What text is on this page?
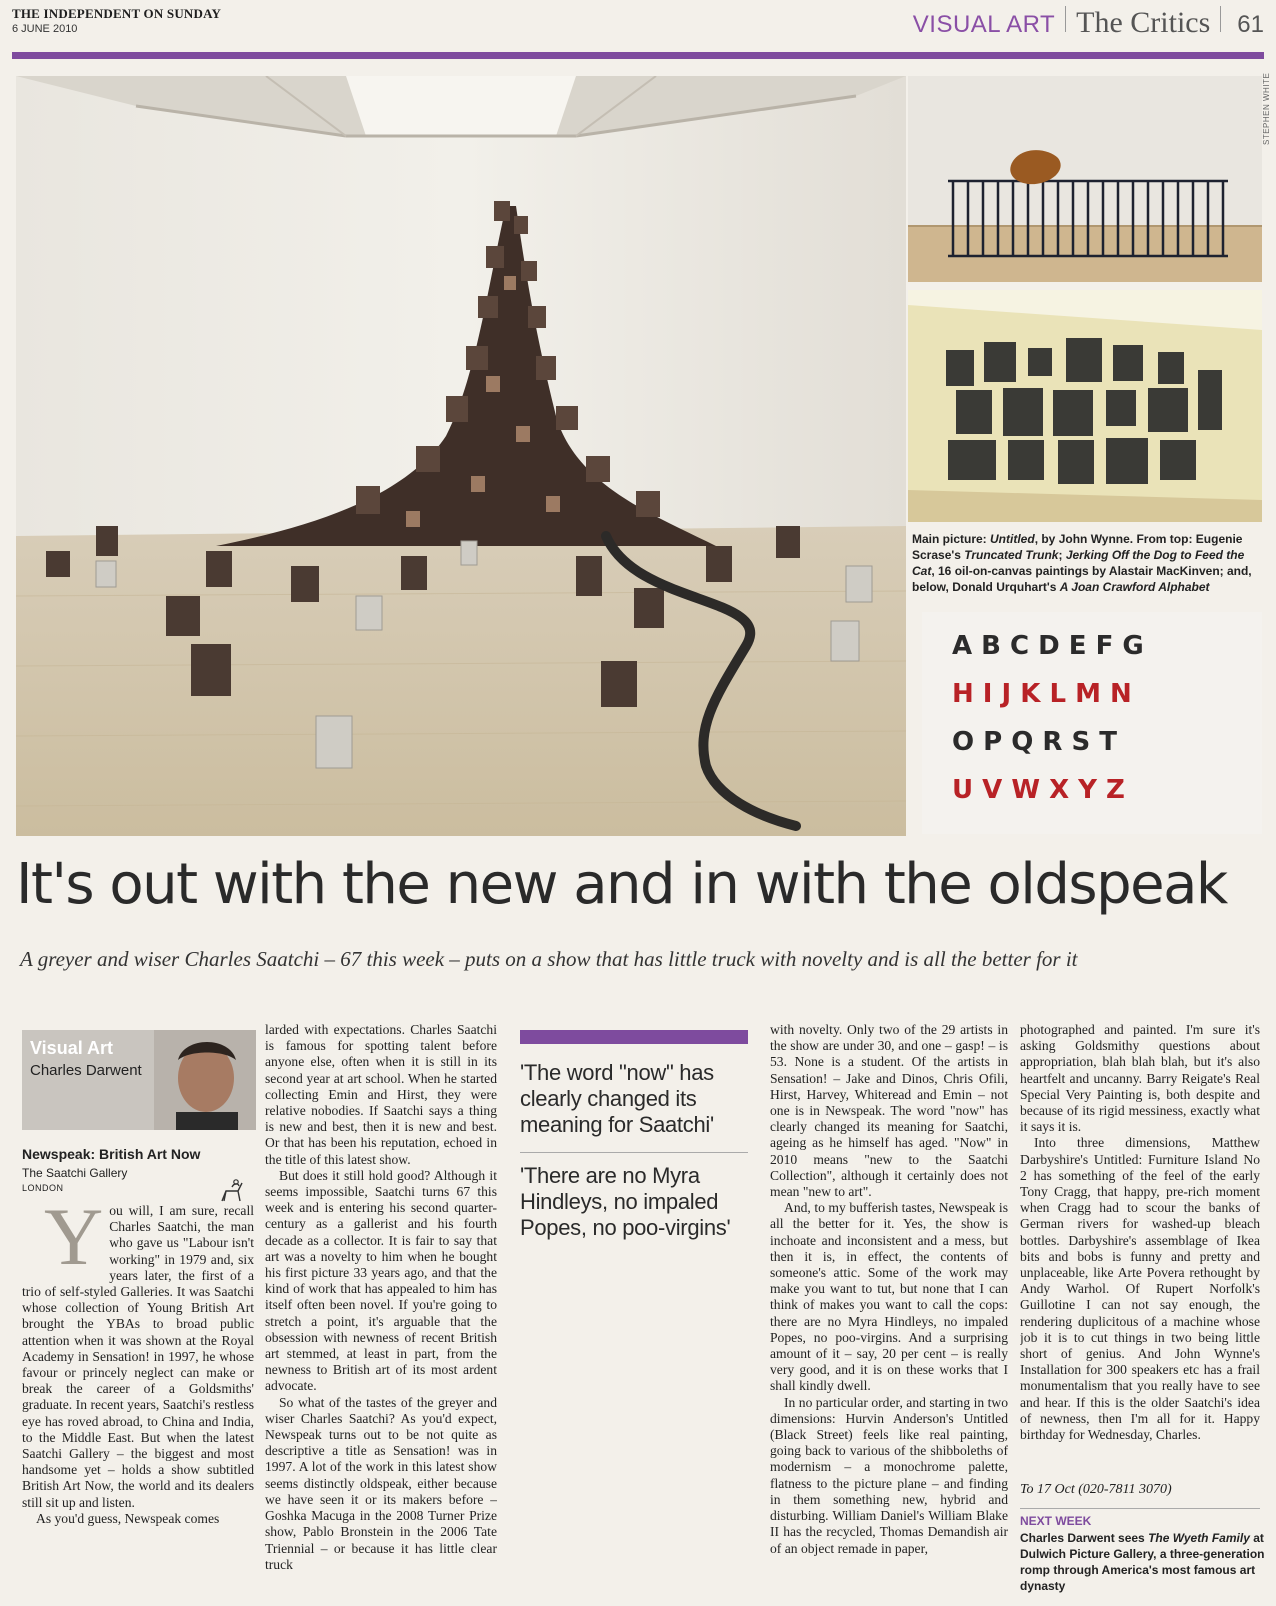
THE INDEPENDENT ON SUNDAY
6 JUNE 2010	VISUAL ART The Critics 61
STEPHEN WHITE
Main picture: Untitled, by John Wynne. From top: Eugenie Scrase's Truncated Trunk; Jerking Off the Dog to Feed the Cat, 16 oil-on-canvas paintings by Alastair MacKinven; and, below, Donald Urquhart's A Joan Crawford Alphabet
A B C D E F G
H I J K L M N
O P Q R S T
U V W X Y Z
It's out with the new and in with the oldspeak
A greyer and wiser Charles Saatchi – 67 this week – puts on a show that has little truck with novelty and is all the better for it
Visual Art
Charles Darwent
Newspeak: British Art Now
The Saatchi Gallery
LONDON
Y ou will, I am sure, recall Charles Saatchi, the man who gave us "Labour isn't working" in 1979 and, six years later, the first of a trio of self-styled Galleries. It was Saatchi whose collection of Young British Art brought the YBAs to broad public attention when it was shown at the Royal Academy in Sensation! in 1997, he whose favour or princely neglect can make or break the career of a Goldsmiths' graduate. In recent years, Saatchi's restless eye has roved abroad, to China and India, to the Middle East. But when the latest Saatchi Gallery – the biggest and most handsome yet – holds a show subtitled British Art Now, the world and its dealers still sit up and listen.

As you'd guess, Newspeak comes

larded with expectations. Charles Saatchi is famous for spotting talent before anyone else, often when it is still in its second year at art school. When he started collecting Emin and Hirst, they were relative nobodies. If Saatchi says a thing is new and best, then it is new and best. Or that has been his reputation, echoed in the title of this latest show.

But does it still hold good? Although it seems impossible, Saatchi turns 67 this week and is entering his second quarter-century as a gallerist and his fourth decade as a collector. It is fair to say that art was a novelty to him when he bought his first picture 33 years ago, and that the kind of work that has appealed to him has itself often been novel. If you're going to stretch a point, it's arguable that the obsession with newness of recent British art stemmed, at least in part, from the newness to British art of its most ardent advocate.

So what of the tastes of the greyer and wiser Charles Saatchi? As you'd expect, Newspeak turns out to be not quite as descriptive a title as Sensation! was in 1997. A lot of the work in this latest show seems distinctly oldspeak, either because we have seen it or its makers before – Goshka Macuga in the 2008 Turner Prize show, Pablo Bronstein in the 2006 Tate Triennial – or because it has little clear truck

'The word "now" has clearly changed its meaning for Saatchi'
'There are no Myra Hindleys, no impaled Popes, no poo-virgins'

with novelty. Only two of the 29 artists in the show are under 30, and one – gasp! – is 53. None is a student. Of the artists in Sensation! – Jake and Dinos, Chris Ofili, Hirst, Harvey, Whiteread and Emin – not one is in Newspeak. The word "now" has clearly changed its meaning for Saatchi, ageing as he himself has aged. "Now" in 2010 means "new to the Saatchi Collection", although it certainly does not mean "new to art".

And, to my bufferish tastes, Newspeak is all the better for it. Yes, the show is inchoate and inconsistent and a mess, but then it is, in effect, the contents of someone's attic. Some of the work may make you want to tut, but none that I can think of makes you want to call the cops: there are no Myra Hindleys, no impaled Popes, no poo-virgins. And a surprising amount of it – say, 20 per cent – is really very good, and it is on these works that I shall kindly dwell.

In no particular order, and starting in two dimensions: Hurvin Anderson's Untitled (Black Street) feels like real painting, going back to various of the shibboleths of modernism – a monochrome palette, flatness to the picture plane – and finding in them something new, hybrid and disturbing. William Daniel's William Blake II has the recycled, Thomas Demandish air of an object remade in paper,

photographed and painted. I'm sure it's asking Goldsmithy questions about appropriation, blah blah blah, but it's also heartfelt and uncanny. Barry Reigate's Real Special Very Painting is, both despite and because of its rigid messiness, exactly what it says it is.

Into three dimensions, Matthew Darbyshire's Untitled: Furniture Island No 2 has something of the feel of the early Tony Cragg, that happy, pre-rich moment when Cragg had to scour the banks of German rivers for washed-up bleach bottles. Darbyshire's assemblage of Ikea bits and bobs is funny and pretty and unplaceable, like Arte Povera rethought by Andy Warhol. Of Rupert Norfolk's Guillotine I can not say enough, the rendering duplicitous of a machine whose job it is to cut things in two being little short of genius. And John Wynne's Installation for 300 speakers etc has a frail monumentalism that you really have to see and hear. If this is the older Saatchi's idea of newness, then I'm all for it. Happy birthday for Wednesday, Charles.

To 17 Oct (020-7811 3070)
NEXT WEEK
Charles Darwent sees The Wyeth Family at Dulwich Picture Gallery, a three-generation romp through America's most famous art dynasty
